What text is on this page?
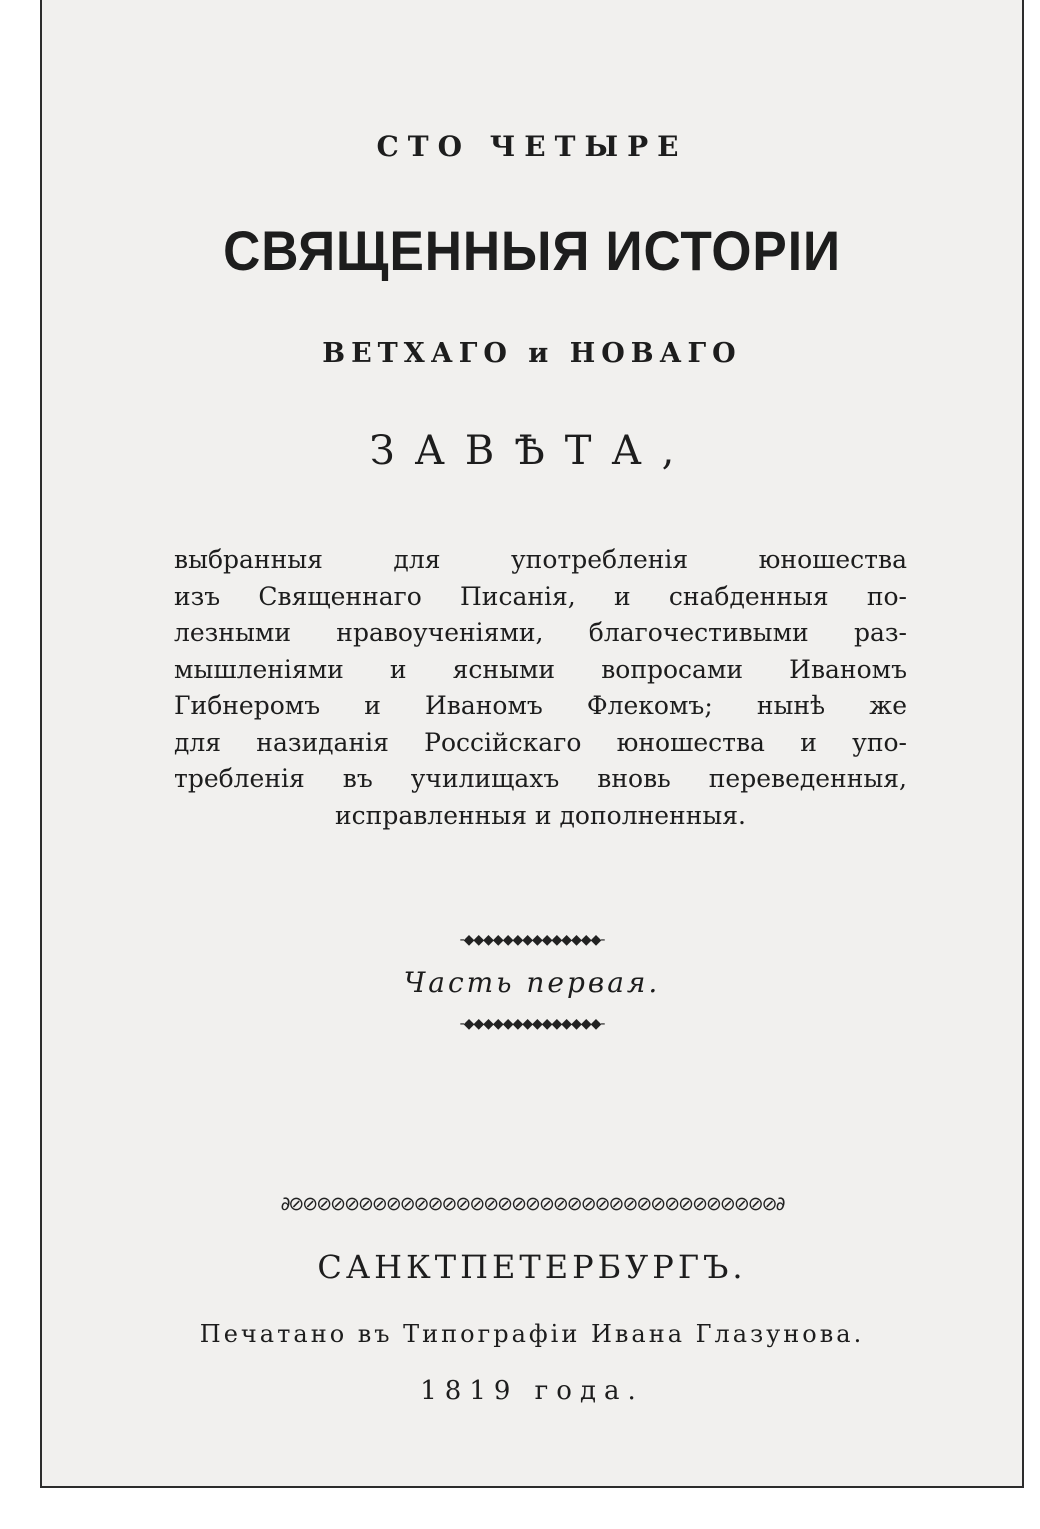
СТО ЧЕТЫРЕ
СВЯЩЕННЫЯ ИСТОРІИ
ВЕТХАГО и НОВАГО
ЗАВѢТА,
выбранныя для употребленія юношества
изъ Священнаго Писанія, и снабденныя по-
лезными нравоученіями, благочестивыми раз-
мышленіями и ясными вопросами Иваномъ
Гибнеромъ и Иваномъ Флекомъ; нынѣ же
для назиданія Россійскаго юношества и упо-
требленія въ училищахъ вновь переведенныя,
исправленныя и дополненныя.
-◆◆◆◆◆◆◆◆◆◆◆◆◆◆-
Часть первая.
-◆◆◆◆◆◆◆◆◆◆◆◆◆◆-
∂⊘⊘⊘⊘⊘⊘⊘⊘⊘⊘⊘⊘⊘⊘⊘⊘⊘⊘⊘⊘⊘⊘⊘⊘⊘⊘⊘⊘⊘⊘⊘⊘⊘⊘⊘∂
САНКТПЕТЕРБУРГЪ.
Печатано въ Типографіи Ивана Глазунова.
1819 года.
